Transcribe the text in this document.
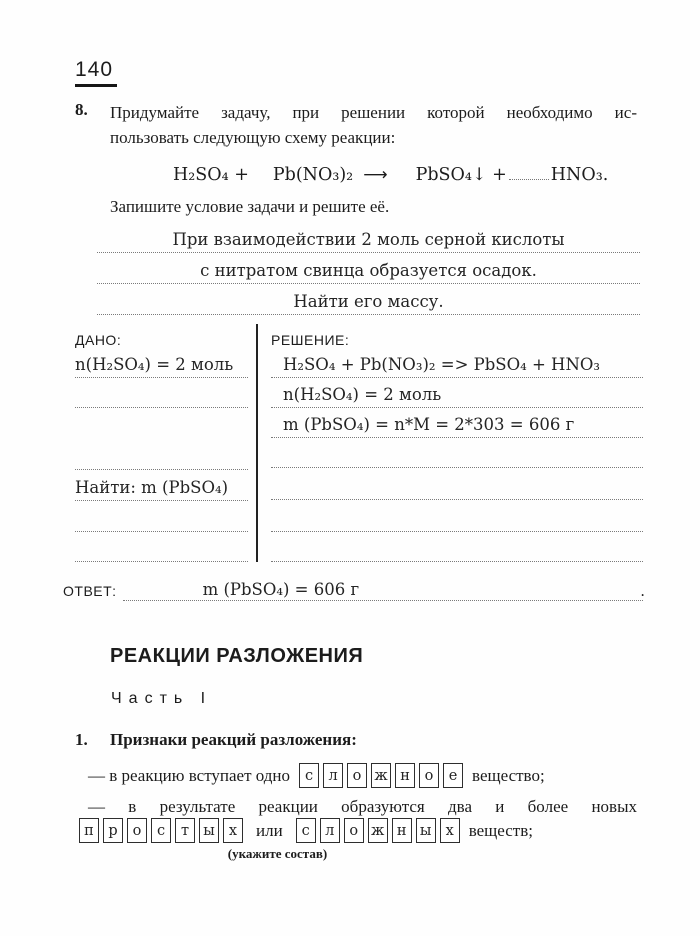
140
8.	Придумайте задачу, при решении которой необходимо ис-
пользовать следующую схему реакции:
H₂SO₄ + Pb(NO₃)₂ ⟶ PbSO₄↓ +	HNO₃.
Запишите условие задачи и решите её.
При взаимодействии 2 моль серной кислоты
с нитратом свинца образуется осадок.
Найти его массу.
ДАНО:
n(H₂SO₄) = 2 моль
Найти: m (PbSO₄)
РЕШЕНИЕ:
H₂SO₄ + Pb(NO₃)₂ => PbSO₄ + HNO₃
n(H₂SO₄) = 2 моль
m (PbSO₄) = n*M = 2*303 = 606 г
ОТВЕТ:	m (PbSO₄) = 606 г	.
РЕАКЦИИ РАЗЛОЖЕНИЯ
Часть I
1.	Признаки реакций разложения:
— в реакцию вступает одно	с	л	о ж н	о	е вещество;
— в результате реакции образуются два и более новых
п	р	о	с	т ы х	или	с	л	о ж н ы х веществ;
(укажите состав)
